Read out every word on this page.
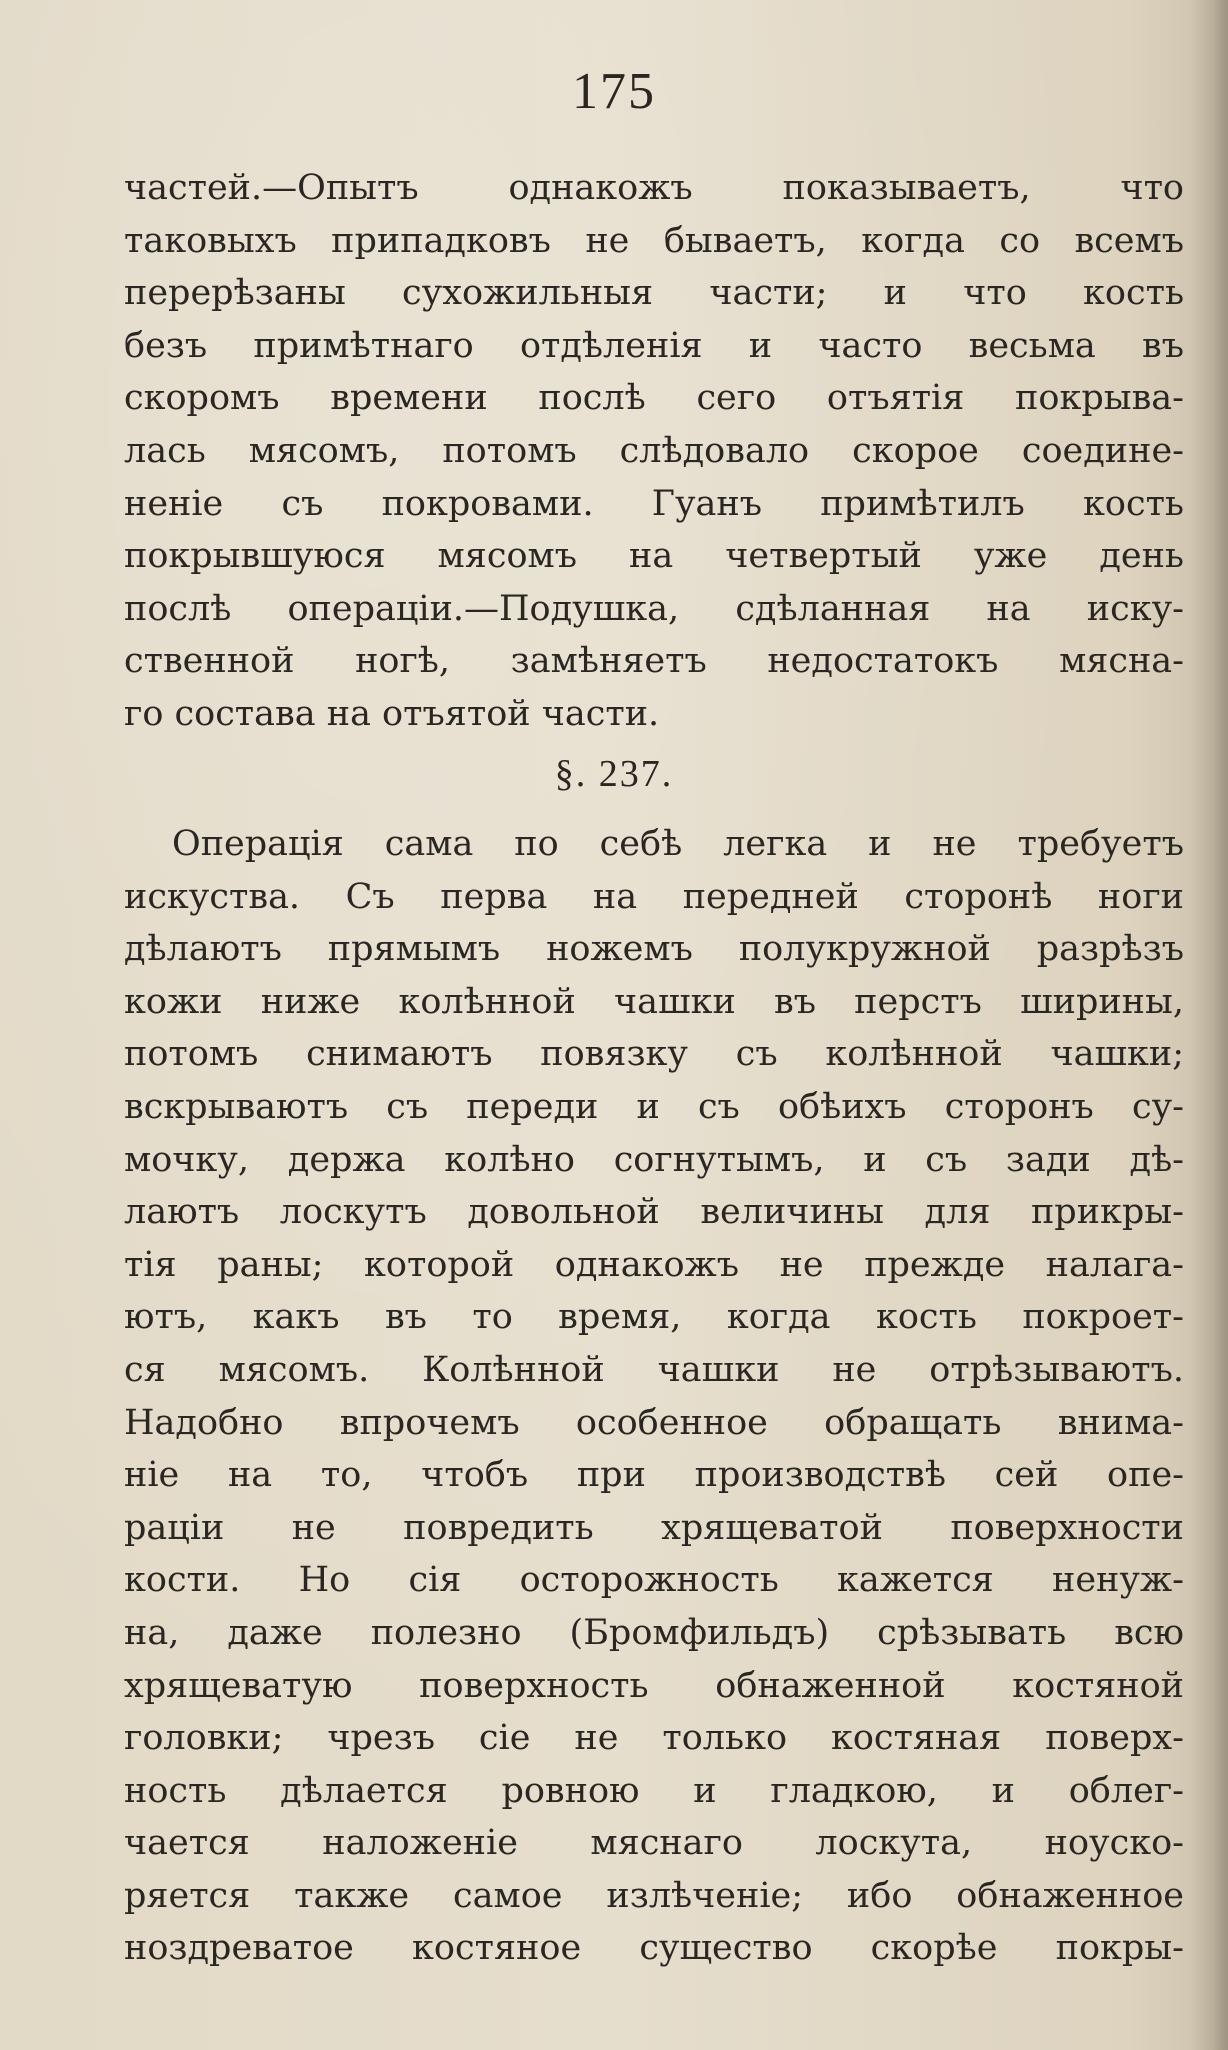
175
частей.—Опытъ однакожъ показываетъ, что
таковыхъ припадковъ не бываетъ, когда со всемъ
перерѣзаны сухожильныя части; и что кость
безъ примѣтнаго отдѣленія и часто весьма въ
скоромъ времени послѣ сего отъятія покрыва-
лась мясомъ, потомъ слѣдовало скорое соедине-
неніе съ покровами. Гуанъ примѣтилъ кость
покрывшуюся мясомъ на четвертый уже день
послѣ операціи.—Подушка, сдѣланная на иску-
ственной ногѣ, замѣняетъ недостатокъ мясна-
го состава на отъятой части.
§. 237.
Операція сама по себѣ легка и не требуетъ
искуства. Съ перва на передней сторонѣ ноги
дѣлаютъ прямымъ ножемъ полукружной разрѣзъ
кожи ниже колѣнной чашки въ перстъ ширины,
потомъ снимаютъ повязку съ колѣнной чашки;
вскрываютъ съ переди и съ обѣихъ сторонъ су-
мочку, держа колѣно согнутымъ, и съ зади дѣ-
лаютъ лоскутъ довольной величины для прикры-
тія раны; которой однакожъ не прежде налага-
ютъ, какъ въ то время, когда кость покроет-
ся мясомъ. Колѣнной чашки не отрѣзываютъ.
Надобно впрочемъ особенное обращать внима-
ніе на то, чтобъ при производствѣ сей опе-
раціи не повредить хрящеватой поверхности
кости. Но сія осторожность кажется ненуж-
на, даже полезно (Бромфильдъ) срѣзывать всю
хрящеватую поверхность обнаженной костяной
головки; чрезъ сіе не только костяная поверх-
ность дѣлается ровною и гладкою, и облег-
чается наложеніе мяснаго лоскута, ноуско-
ряется также самое излѣченіе; ибо обнаженное
ноздреватое костяное существо скорѣе покры-
